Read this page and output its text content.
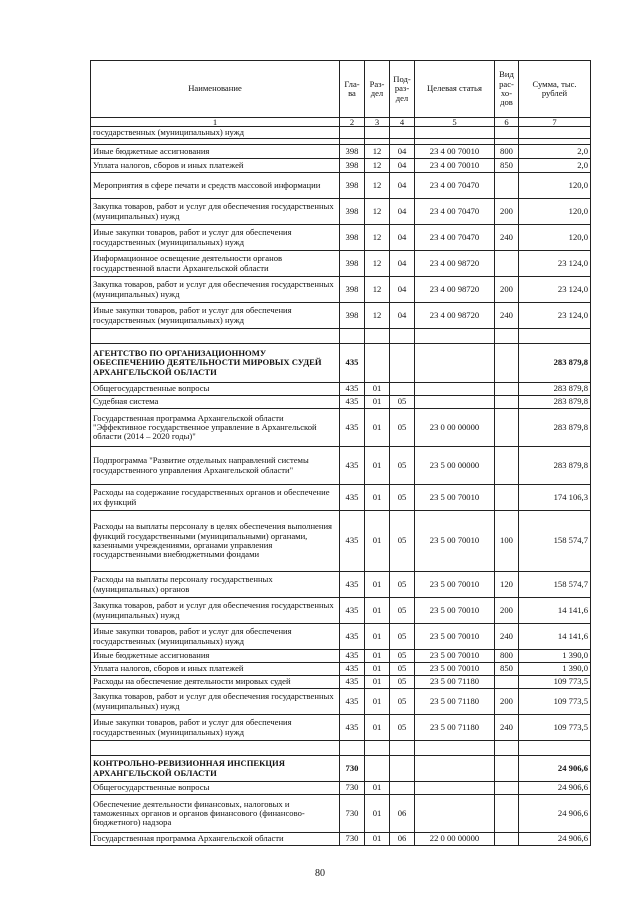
Наименование	Гла-ва	Раз-дел	Под-раз-дел	Целевая статья	Вид рас-хо-дов	Сумма, тыс. рублей
1	2	3	4	5	6	7
государственных (муниципальных) нужд						

Иные бюджетные ассигнования	398	12	04	23 4 00 70010	800	2,0
Уплата налогов, сборов и иных платежей	398	12	04	23 4 00 70010	850	2,0
Мероприятия в сфере печати и средств массовой информации	398	12	04	23 4 00 70470		120,0
Закупка товаров, работ и услуг для обеспечения государственных (муниципальных) нужд	398	12	04	23 4 00 70470	200	120,0
Иные закупки товаров, работ и услуг для обеспечения государственных (муниципальных) нужд	398	12	04	23 4 00 70470	240	120,0
Информационное освещение деятельности органов государственной власти Архангельской области	398	12	04	23 4 00 98720		23 124,0
Закупка товаров, работ и услуг для обеспечения государственных (муниципальных) нужд	398	12	04	23 4 00 98720	200	23 124,0
Иные закупки товаров, работ и услуг для обеспечения государственных (муниципальных) нужд	398	12	04	23 4 00 98720	240	23 124,0

АГЕНТСТВО ПО ОРГАНИЗАЦИОННОМУ ОБЕСПЕЧЕНИЮ ДЕЯТЕЛЬНОСТИ МИРОВЫХ СУДЕЙ АРХАНГЕЛЬСКОЙ ОБЛАСТИ	435					283 879,8
Общегосударственные вопросы	435	01				283 879,8
Судебная система	435	01	05			283 879,8
Государственная программа Архангельской области "Эффективное государственное управление в Архангельской области (2014 – 2020 годы)"	435	01	05	23 0 00 00000		283 879,8
Подпрограмма "Развитие отдельных направлений системы государственного управления Архангельской области"	435	01	05	23 5 00 00000		283 879,8
Расходы на содержание государственных органов и обеспечение их функций	435	01	05	23 5 00 70010		174 106,3
Расходы на выплаты персоналу в целях обеспечения выполнения функций государственными (муниципальными) органами, казенными учреждениями, органами управления государственными внебюджетными фондами	435	01	05	23 5 00 70010	100	158 574,7
Расходы на выплаты персоналу государственных (муниципальных) органов	435	01	05	23 5 00 70010	120	158 574,7
Закупка товаров, работ и услуг для обеспечения государственных (муниципальных) нужд	435	01	05	23 5 00 70010	200	14 141,6
Иные закупки товаров, работ и услуг для обеспечения государственных (муниципальных) нужд	435	01	05	23 5 00 70010	240	14 141,6
Иные бюджетные ассигнования	435	01	05	23 5 00 70010	800	1 390,0
Уплата налогов, сборов и иных платежей	435	01	05	23 5 00 70010	850	1 390,0
Расходы на обеспечение деятельности мировых судей	435	01	05	23 5 00 71180		109 773,5
Закупка товаров, работ и услуг для обеспечения государственных (муниципальных) нужд	435	01	05	23 5 00 71180	200	109 773,5
Иные закупки товаров, работ и услуг для обеспечения государственных (муниципальных) нужд	435	01	05	23 5 00 71180	240	109 773,5

КОНТРОЛЬНО-РЕВИЗИОННАЯ ИНСПЕКЦИЯ АРХАНГЕЛЬСКОЙ ОБЛАСТИ	730					24 906,6
Общегосударственные вопросы	730	01				24 906,6
Обеспечение деятельности финансовых, налоговых и таможенных органов и органов финансового (финансово-бюджетного) надзора	730	01	06			24 906,6
Государственная программа Архангельской области	730	01	06	22 0 00 00000		24 906,6
80
